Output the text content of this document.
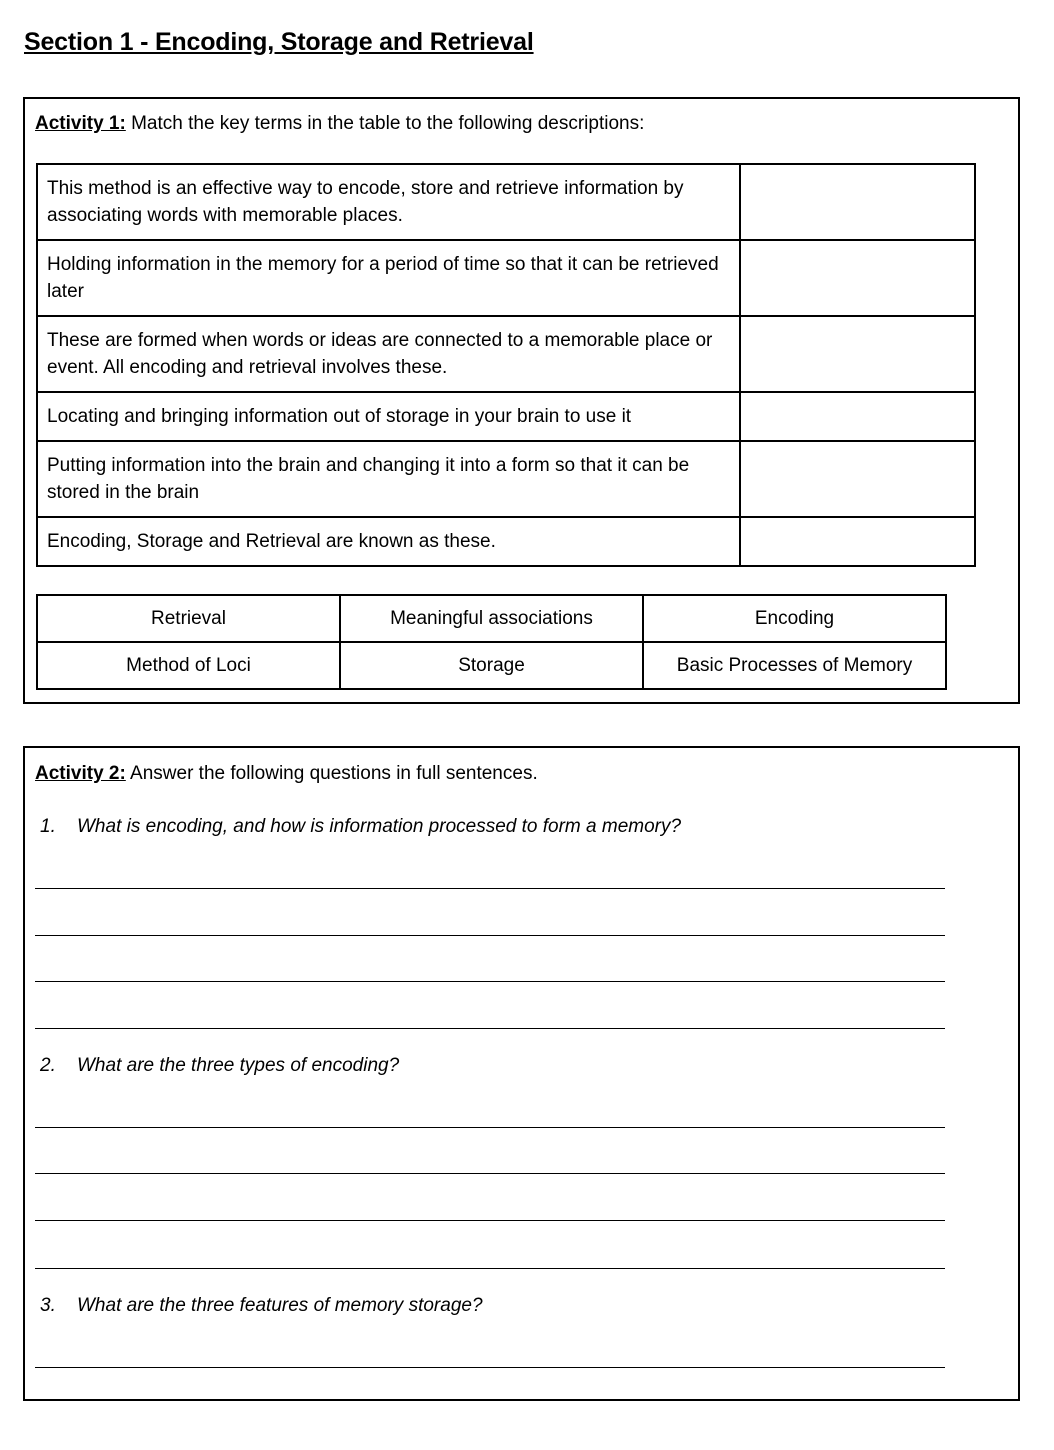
Section 1 - Encoding, Storage and Retrieval
Activity 1: Match the key terms in the table to the following descriptions:
This method is an effective way to encode, store and retrieve information by associating words with memorable places.	
Holding information in the memory for a period of time so that it can be retrieved later	
These are formed when words or ideas are connected to a memorable place or event. All encoding and retrieval involves these.	
Locating and bringing information out of storage in your brain to use it	
Putting information into the brain and changing it into a form so that it can be stored in the brain	
Encoding, Storage and Retrieval are known as these.	
Retrieval	Meaningful associations	Encoding
Method of Loci	Storage	Basic Processes of Memory
Activity 2: Answer the following questions in full sentences.
1. What is encoding, and how is information processed to form a memory?
2. What are the three types of encoding?
3. What are the three features of memory storage?
